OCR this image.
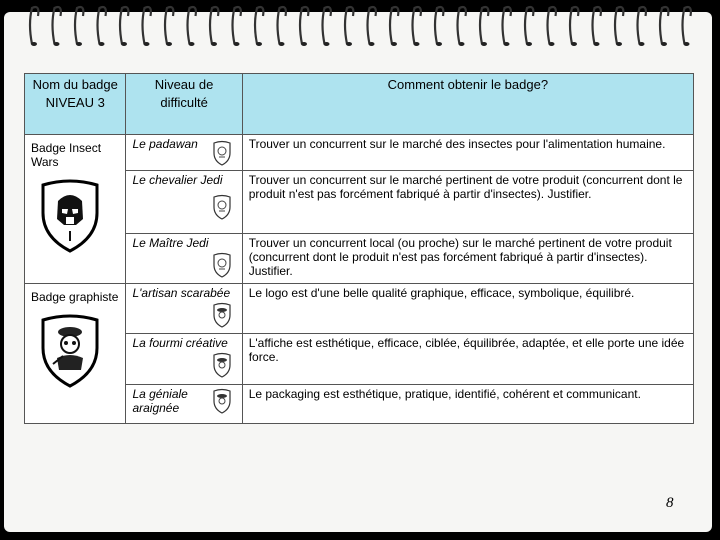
Nom du badge NIVEAU 3	Niveau de difficulté	Comment obtenir le badge?

Badge Insect Wars	Le padawan	Trouver un concurrent sur le marché des insectes pour l'alimentation humaine.
	Le chevalier Jedi	Trouver un concurrent sur le marché pertinent de votre produit (concurrent dont le produit n'est pas forcément fabriqué à partir d'insectes). Justifier.
	Le Maître Jedi	Trouver un concurrent local (ou proche) sur le marché pertinent de votre produit (concurrent dont le produit n'est pas forcément fabriqué à partir d'insectes). Justifier.

Badge graphiste	L'artisan scarabée	Le logo est d'une belle qualité graphique, efficace, symbolique, équilibré.
	La fourmi créative	L'affiche est esthétique, efficace, ciblée, équilibrée, adaptée, et elle porte une idée force.
	La géniale araignée	Le packaging est esthétique, pratique, identifié, cohérent et communicant.
8
